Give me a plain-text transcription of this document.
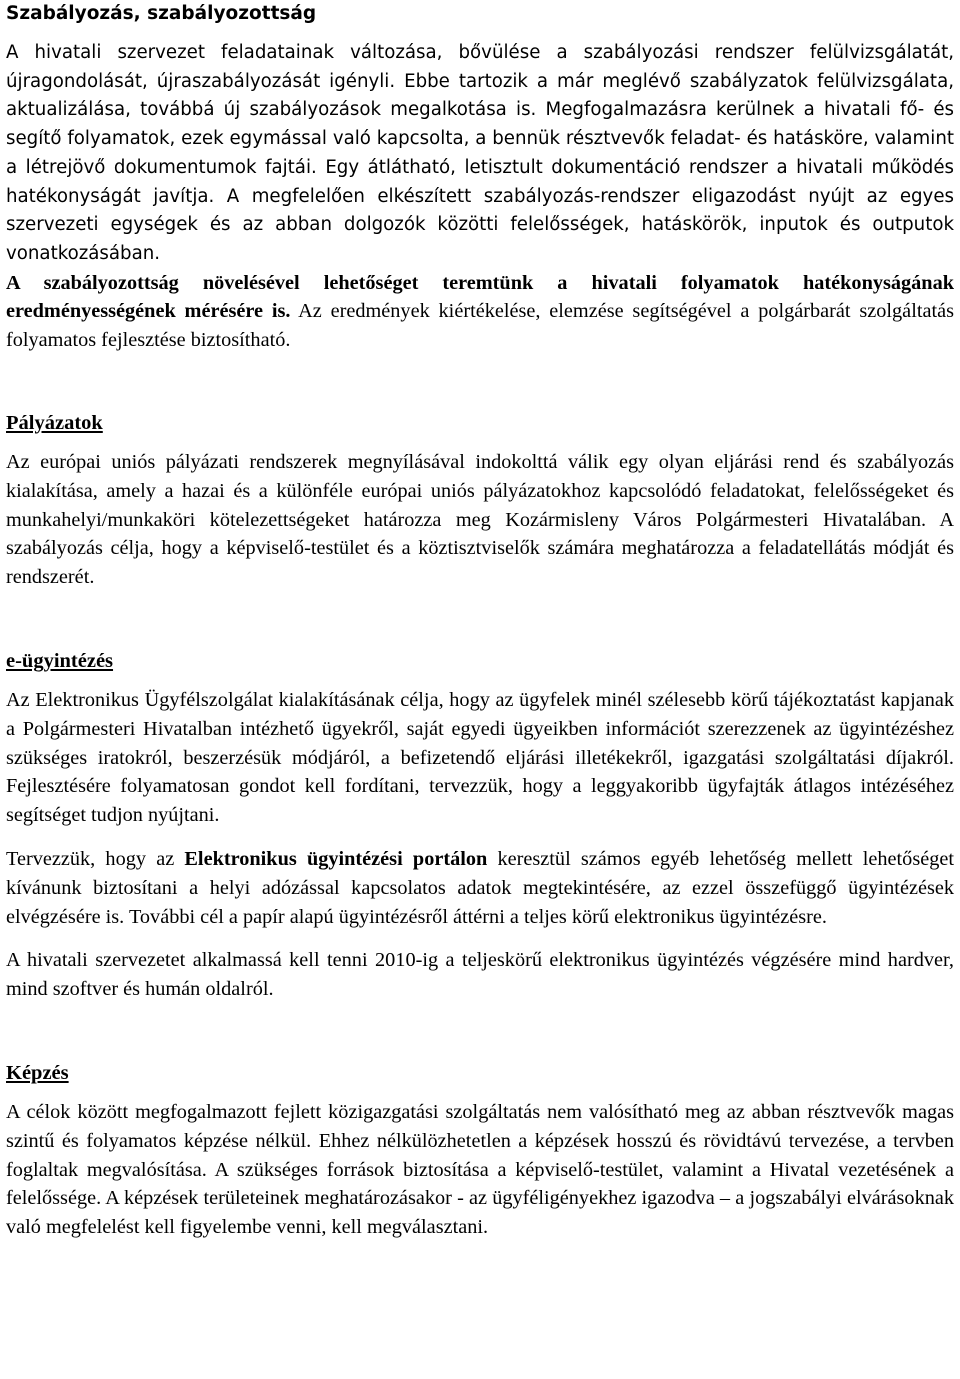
Szabályozás, szabályozottság

A hivatali szervezet feladatainak változása, bővülése a szabályozási rendszer felülvizsgálatát, újragondolását, újraszabályozását igényli. Ebbe tartozik a már meglévő szabályzatok felülvizsgálata, aktualizálása, továbbá új szabályozások megalkotása is. Megfogalmazásra kerülnek a hivatali fő- és segítő folyamatok, ezek egymással való kapcsolta, a bennük résztvevők feladat- és hatásköre, valamint a létrejövő dokumentumok fajtái. Egy átlátható, letisztult dokumentáció rendszer a hivatali működés hatékonyságát javítja. A megfelelően elkészített szabályozás-rendszer eligazodást nyújt az egyes szervezeti egységek és az abban dolgozók közötti felelősségek, hatáskörök, inputok és outputok vonatkozásában.

A szabályozottság növelésével lehetőséget teremtünk a hivatali folyamatok hatékonyságának eredményességének mérésére is. Az eredmények kiértékelése, elemzése segítségével a polgárbarát szolgáltatás folyamatos fejlesztése biztosítható.

Pályázatok

Az európai uniós pályázati rendszerek megnyílásával indokolttá válik egy olyan eljárási rend és szabályozás kialakítása, amely a hazai és a különféle európai uniós pályázatokhoz kapcsolódó feladatokat, felelősségeket és munkahelyi/munkaköri kötelezettségeket határozza meg Kozármisleny Város Polgármesteri Hivatalában. A szabályozás célja, hogy a képviselő-testület és a köztisztviselők számára meghatározza a feladatellátás módját és rendszerét.

e-ügyintézés

Az Elektronikus Ügyfélszolgálat kialakításának célja, hogy az ügyfelek minél szélesebb körű tájékoztatást kapjanak a Polgármesteri Hivatalban intézhető ügyekről, saját egyedi ügyeikben információt szerezzenek az ügyintézéshez szükséges iratokról, beszerzésük módjáról, a befizetendő eljárási illetékekről, igazgatási szolgáltatási díjakról. Fejlesztésére folyamatosan gondot kell fordítani, tervezzük, hogy a leggyakoribb ügyfajták átlagos intézéséhez segítséget tudjon nyújtani.

Tervezzük, hogy az Elektronikus ügyintézési portálon keresztül számos egyéb lehetőség mellett lehetőséget kívánunk biztosítani a helyi adózással kapcsolatos adatok megtekintésére, az ezzel összefüggő ügyintézések elvégzésére is. További cél a papír alapú ügyintézésről áttérni a teljes körű elektronikus ügyintézésre.

A hivatali szervezetet alkalmassá kell tenni 2010-ig a teljeskörű elektronikus ügyintézés végzésére mind hardver, mind szoftver és humán oldalról.

Képzés

A célok között megfogalmazott fejlett közigazgatási szolgáltatás nem valósítható meg az abban résztvevők magas szintű és folyamatos képzése nélkül. Ehhez nélkülözhetetlen a képzések hosszú és rövidtávú tervezése, a tervben foglaltak megvalósítása. A szükséges források biztosítása a képviselő-testület, valamint a Hivatal vezetésének a felelőssége. A képzések területeinek meghatározásakor - az ügyféligényekhez igazodva – a jogszabályi elvárásoknak való megfelelést kell figyelembe venni, kell megválasztani.
